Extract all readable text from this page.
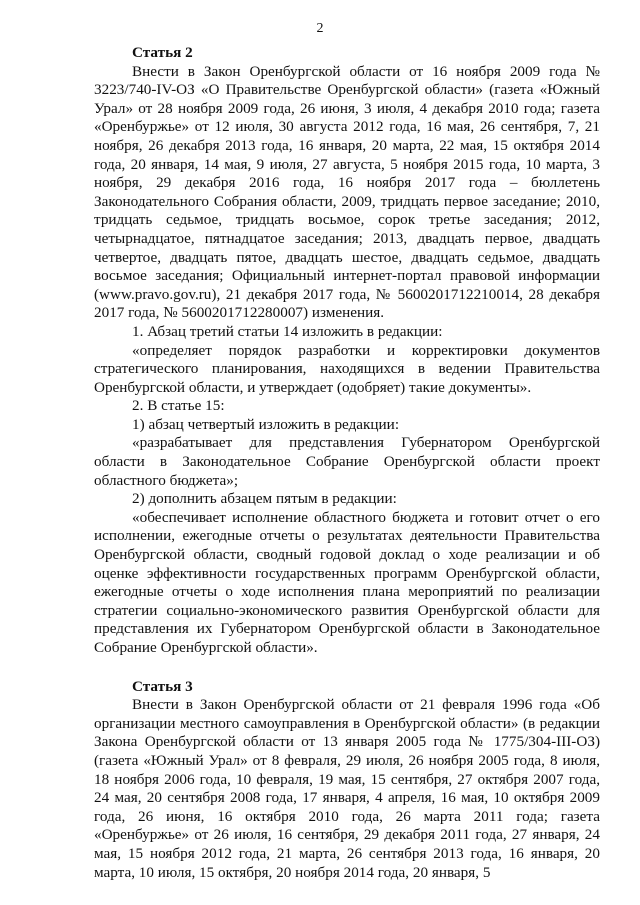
2
Статья 2

Внести в Закон Оренбургской области от 16 ноября 2009 года № 3223/740-IV-ОЗ «О Правительстве Оренбургской области» (газета «Южный Урал» от 28 ноября 2009 года, 26 июня, 3 июля, 4 декабря 2010 года; газета «Оренбуржье» от 12 июля, 30 августа 2012 года, 16 мая, 26 сентября, 7, 21 ноября, 26 декабря 2013 года, 16 января, 20 марта, 22 мая, 15 октября 2014 года, 20 января, 14 мая, 9 июля, 27 августа, 5 ноября 2015 года, 10 марта, 3 ноября, 29 декабря 2016 года, 16 ноября 2017 года – бюллетень Законодательного Собрания области, 2009, тридцать первое заседание; 2010, тридцать седьмое, тридцать восьмое, сорок третье заседания; 2012, четырнадцатое, пятнадцатое заседания; 2013, двадцать первое, двадцать четвертое, двадцать пятое, двадцать шестое, двадцать седьмое, двадцать восьмое заседания; Официальный интернет-портал правовой информации (www.pravo.gov.ru), 21 декабря 2017 года, № 5600201712210014, 28 декабря 2017 года, № 5600201712280007) изменения.

1. Абзац третий статьи 14 изложить в редакции:

«определяет порядок разработки и корректировки документов стратегического планирования, находящихся в ведении Правительства Оренбургской области, и утверждает (одобряет) такие документы».

2. В статье 15:

1) абзац четвертый изложить в редакции:

«разрабатывает для представления Губернатором Оренбургской области в Законодательное Собрание Оренбургской области проект областного бюджета»;

2) дополнить абзацем пятым в редакции:

«обеспечивает исполнение областного бюджета и готовит отчет о его исполнении, ежегодные отчеты о результатах деятельности Правительства Оренбургской области, сводный годовой доклад о ходе реализации и об оценке эффективности государственных программ Оренбургской области, ежегодные отчеты о ходе исполнения плана мероприятий по реализации стратегии социально-экономического развития Оренбургской области для представления их Губернатором Оренбургской области в Законодательное Собрание Оренбургской области».

Статья 3

Внести в Закон Оренбургской области от 21 февраля 1996 года «Об организации местного самоуправления в Оренбургской области» (в редакции Закона Оренбургской области от 13 января 2005 года № 1775/304-III-ОЗ) (газета «Южный Урал» от 8 февраля, 29 июля, 26 ноября 2005 года, 8 июля, 18 ноября 2006 года, 10 февраля, 19 мая, 15 сентября, 27 октября 2007 года, 24 мая, 20 сентября 2008 года, 17 января, 4 апреля, 16 мая, 10 октября 2009 года, 26 июня, 16 октября 2010 года, 26 марта 2011 года; газета «Оренбуржье» от 26 июля, 16 сентября, 29 декабря 2011 года, 27 января, 24 мая, 15 ноября 2012 года, 21 марта, 26 сентября 2013 года, 16 января, 20 марта, 10 июля, 15 октября, 20 ноября 2014 года, 20 января, 5
